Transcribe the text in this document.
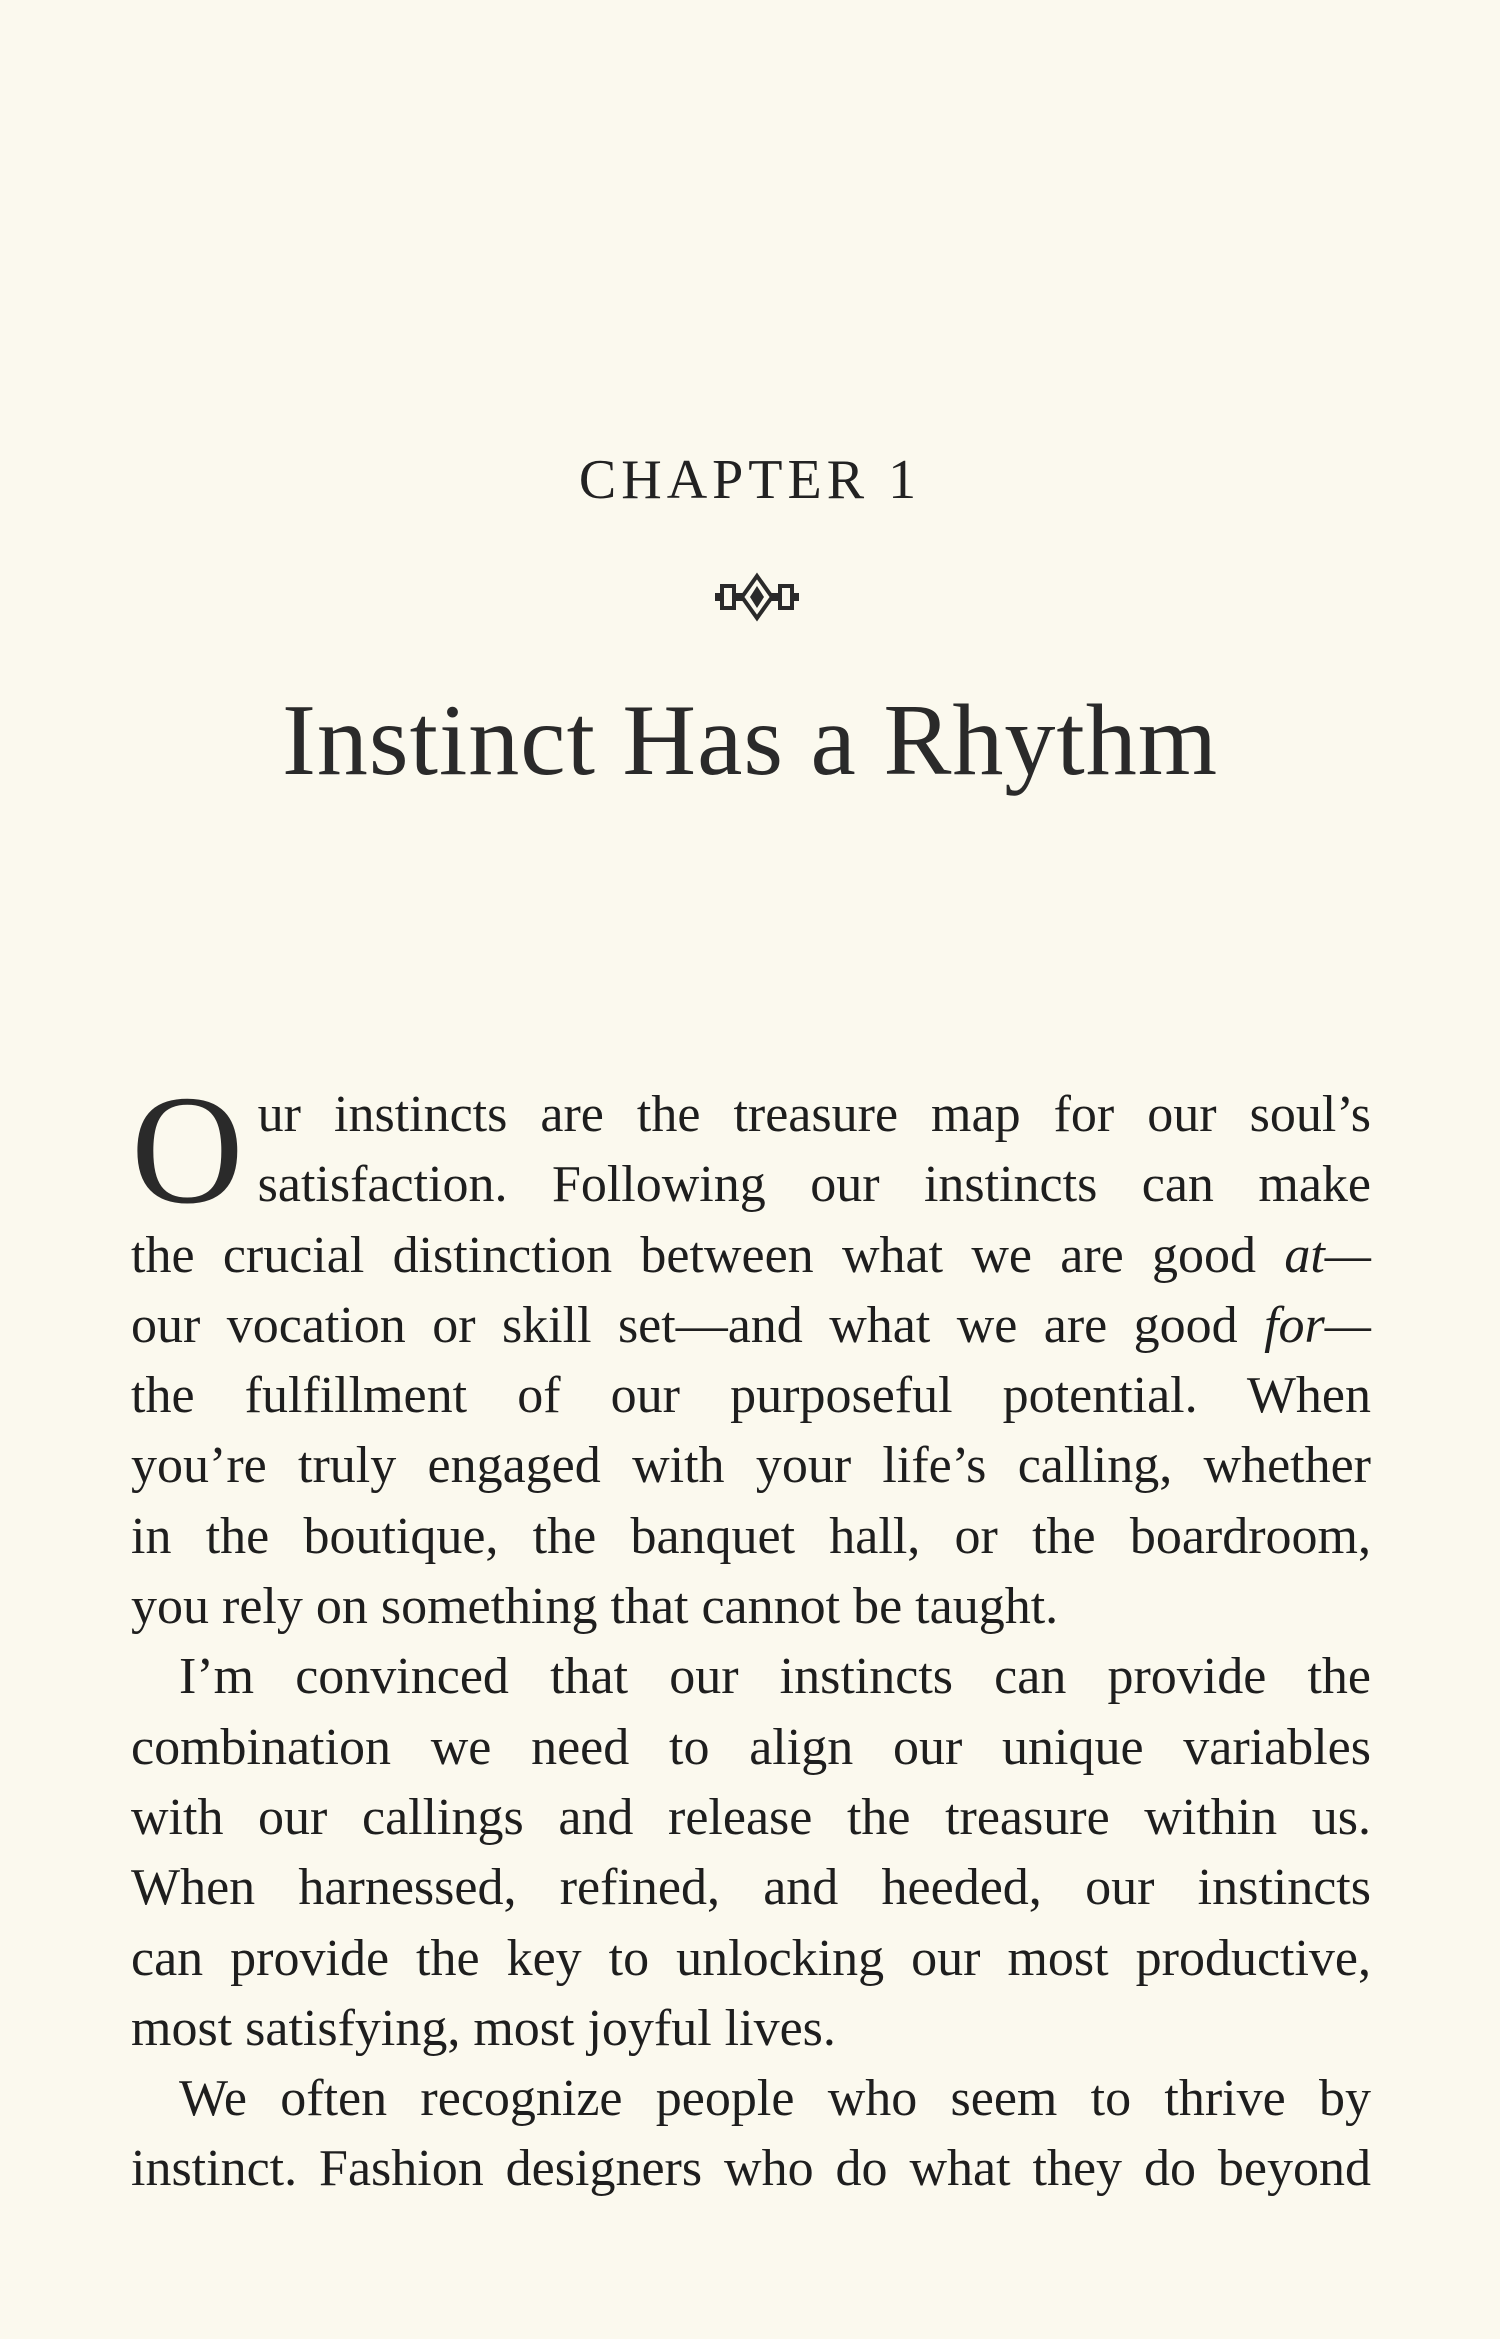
CHAPTER 1
Instinct Has a Rhythm
O ur instincts are the treasure map for our soul’s
satisfaction. Following our instincts can make
the crucial distinction between what we are good at—
our vocation or skill set—and what we are good for—
the fulfillment of our purposeful potential. When
you’re truly engaged with your life’s calling, whether
in the boutique, the banquet hall, or the boardroom,
you rely on something that cannot be taught.
I’m convinced that our instincts can provide the
combination we need to align our unique variables
with our callings and release the treasure within us.
When harnessed, refined, and heeded, our instincts
can provide the key to unlocking our most productive,
most satisfying, most joyful lives.
We often recognize people who seem to thrive by
instinct. Fashion designers who do what they do beyond
